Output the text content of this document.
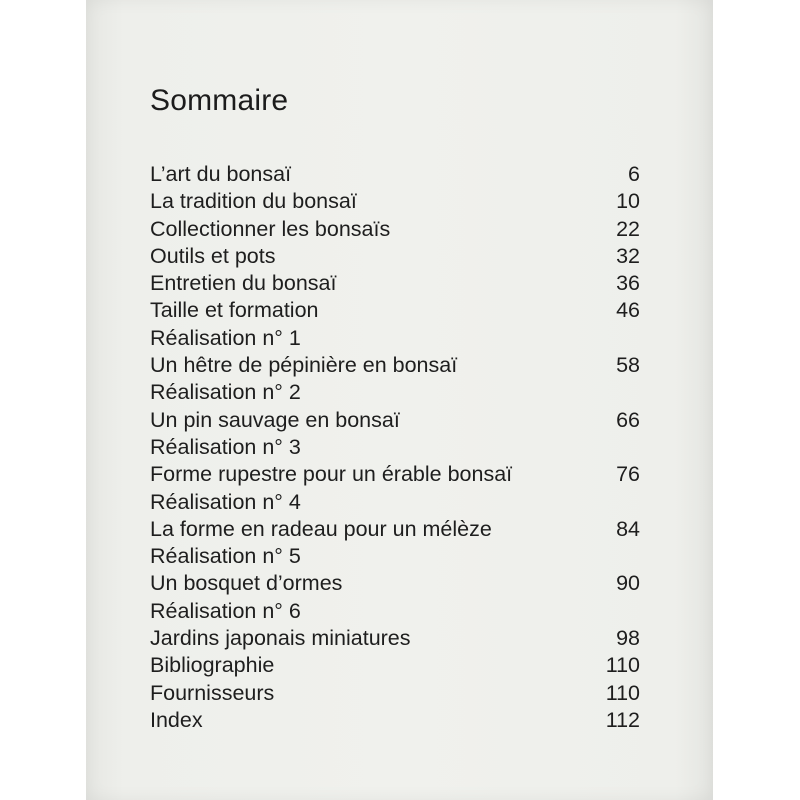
Sommaire
L’art du bonsaï	6
La tradition du bonsaï	10
Collectionner les bonsaïs	22
Outils et pots	32
Entretien du bonsaï	36
Taille et formation	46
Réalisation n° 1
Un hêtre de pépinière en bonsaï	58
Réalisation n° 2
Un pin sauvage en bonsaï	66
Réalisation n° 3
Forme rupestre pour un érable bonsaï	76
Réalisation n° 4
La forme en radeau pour un mélèze	84
Réalisation n° 5
Un bosquet d’ormes	90
Réalisation n° 6
Jardins japonais miniatures	98
Bibliographie	110
Fournisseurs	110
Index	112
